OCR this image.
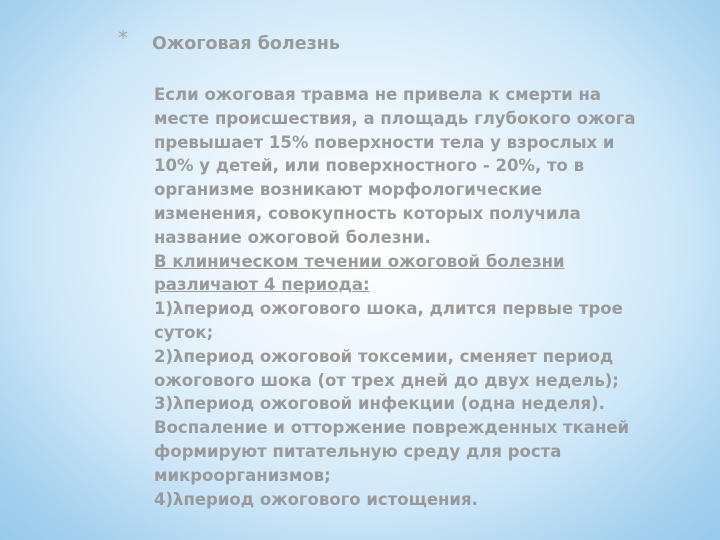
* Ожоговая болезнь
Если ожоговая травма не привела к смерти на
месте происшествия, а площадь глубокого ожога
превышает 15% поверхности тела у взрослых и
10% у детей, или поверхностного - 20%, то в
организме возникают морфологические
изменения, совокупность которых получила
название ожоговой болезни.
В клиническом течении ожоговой болезни
различают 4 периода:
1)λпериод ожогового шока, длится первые трое
суток;
2)λпериод ожоговой токсемии, сменяет период
ожогового шока (от трех дней до двух недель);
3)λпериод ожоговой инфекции (одна неделя).
Воспаление и отторжение поврежденных тканей
формируют питательную среду для роста
микроорганизмов;
4)λпериод ожогового истощения.
